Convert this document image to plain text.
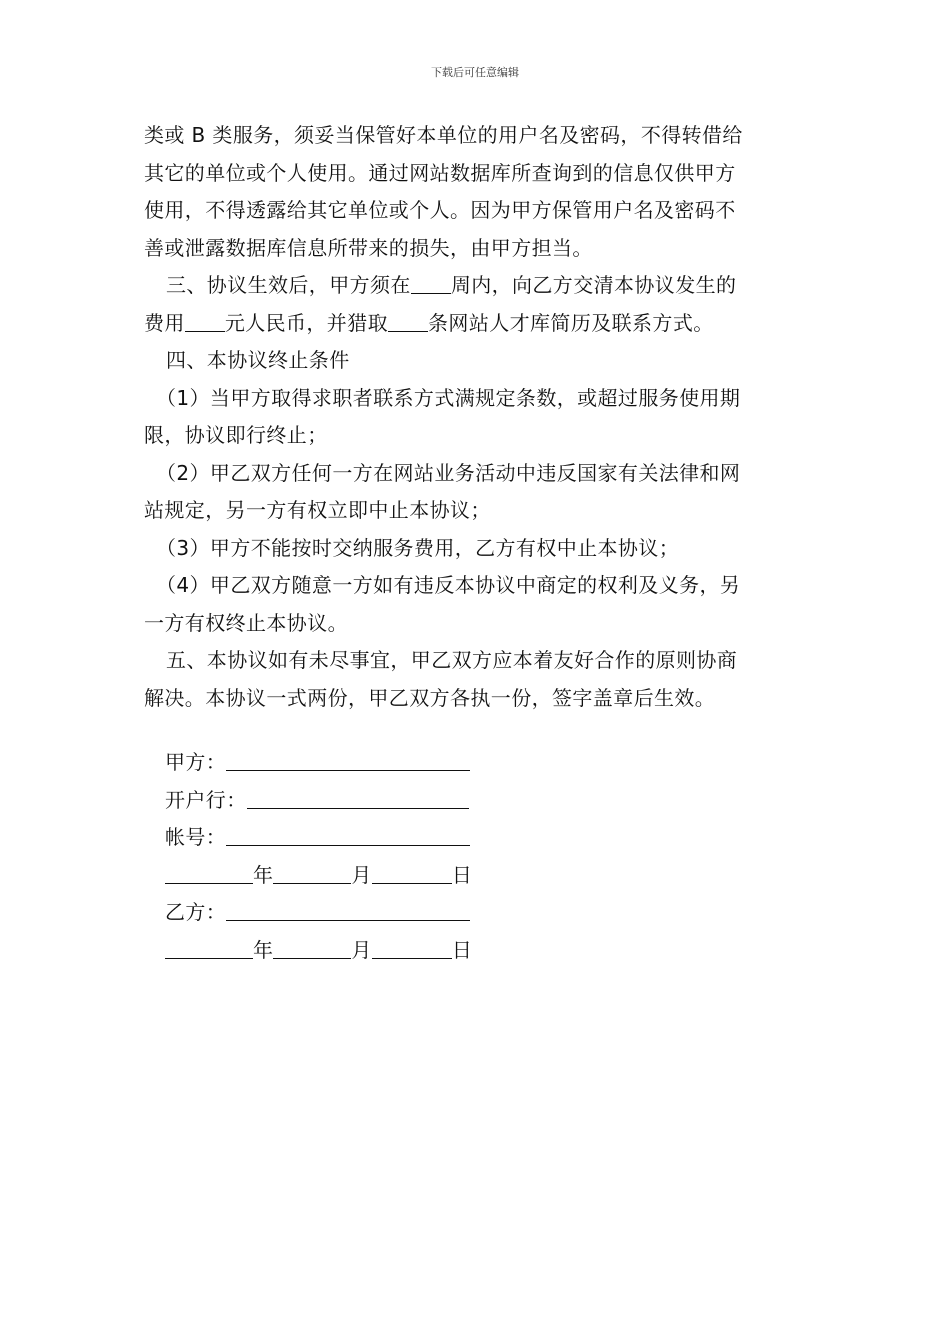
下载后可任意编辑
类或 B 类服务，须妥当保管好本单位的用户名及密码，不得转借给
其它的单位或个人使用。通过网站数据库所查询到的信息仅供甲方
使用，不得透露给其它单位或个人。因为甲方保管用户名及密码不
善或泄露数据库信息所带来的损失，由甲方担当。
三、协议生效后，甲方须在 周内，向乙方交清本协议发生的
费用 元人民币，并猎取 条网站人才库简历及联系方式。
四、本协议终止条件
（1）当甲方取得求职者联系方式满规定条数，或超过服务使用期
限，协议即行终止；
（2）甲乙双方任何一方在网站业务活动中违反国家有关法律和网
站规定，另一方有权立即中止本协议；
（3）甲方不能按时交纳服务费用，乙方有权中止本协议；
（4）甲乙双方随意一方如有违反本协议中商定的权利及义务，另
一方有权终止本协议。
五、本协议如有未尽事宜，甲乙双方应本着友好合作的原则协商
解决。本协议一式两份，甲乙双方各执一份，签字盖章后生效。
甲方：
开户行：
帐号：
年	月	日
乙方：
年	月	日
